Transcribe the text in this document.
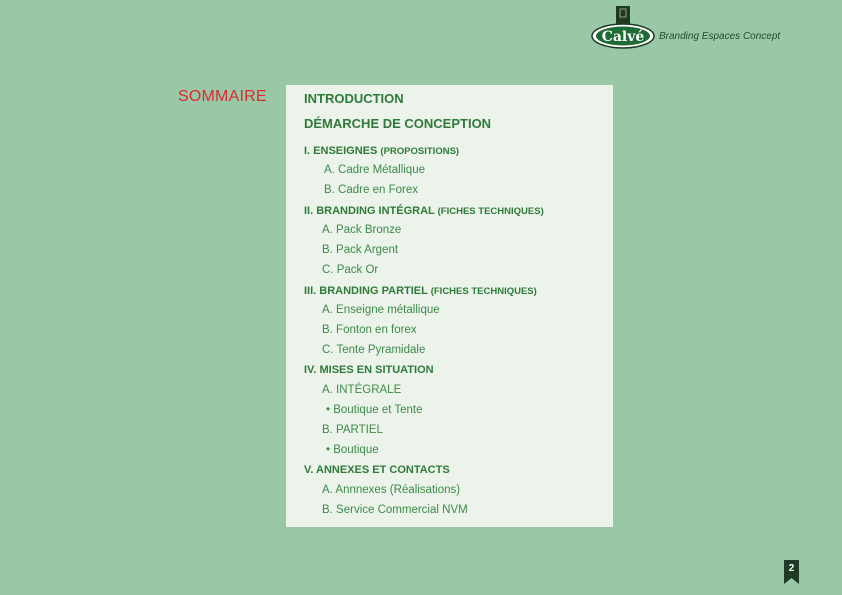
Calvé Branding Espaces Concept
SOMMAIRE	INTRODUCTION
DÉMARCHE DE CONCEPTION
I. ENSEIGNES (PROPOSITIONS)
A. Cadre Métallique
B. Cadre en Forex
II. BRANDING INTÉGRAL (FICHES TECHNIQUES)
A. Pack Bronze
B. Pack Argent
C. Pack Or
III. BRANDING PARTIEL (FICHES TECHNIQUES)
A. Enseigne métallique
B. Fonton en forex
C. Tente Pyramidale
IV. MISES EN SITUATION
A. INTÉGRALE
• Boutique et Tente
B. PARTIEL
• Boutique
V. ANNEXES ET CONTACTS
A. Annnexes (Réalisations)
B. Service Commercial NVM
2
